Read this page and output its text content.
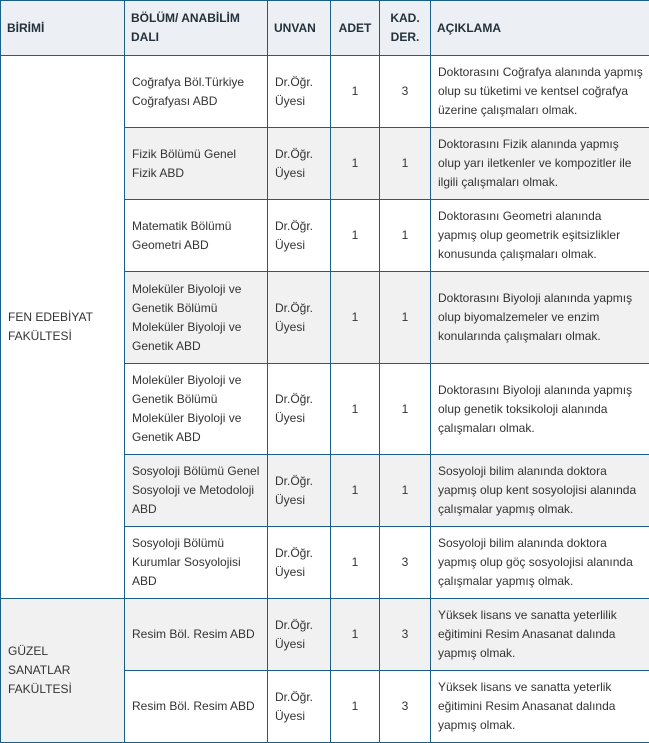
BİRİMİ	BÖLÜM/ ANABİLİM DALI	UNVAN	ADET	KAD. DER.	AÇIKLAMA
FEN EDEBİYAT FAKÜLTESİ	Coğrafya Böl.Türkiye Coğrafyası ABD	Dr.Öğr. Üyesi	1	3	Doktorasını Coğrafya alanında yapmış olup su tüketimi ve kentsel coğrafya üzerine çalışmaları olmak.
	Fizik Bölümü Genel Fizik ABD	Dr.Öğr. Üyesi	1	1	Doktorasını Fizik alanında yapmış olup yarı iletkenler ve kompozitler ile ilgili çalışmaları olmak.
	Matematik Bölümü Geometri ABD	Dr.Öğr. Üyesi	1	1	Doktorasını Geometri alanında yapmış olup geometrik eşitsizlikler konusunda çalışmaları olmak.
	Moleküler Biyoloji ve Genetik Bölümü Moleküler Biyoloji ve Genetik ABD	Dr.Öğr. Üyesi	1	1	Doktorasını Biyoloji alanında yapmış olup biyomalzemeler ve enzim konularında çalışmaları olmak.
	Moleküler Biyoloji ve Genetik Bölümü Moleküler Biyoloji ve Genetik ABD	Dr.Öğr. Üyesi	1	1	Doktorasını Biyoloji alanında yapmış olup genetik toksikoloji alanında çalışmaları olmak.
	Sosyoloji Bölümü Genel Sosyoloji ve Metodoloji ABD	Dr.Öğr. Üyesi	1	1	Sosyoloji bilim alanında doktora yapmış olup kent sosyolojisi alanında çalışmalar yapmış olmak.
	Sosyoloji Bölümü Kurumlar Sosyolojisi ABD	Dr.Öğr. Üyesi	1	3	Sosyoloji bilim alanında doktora yapmış olup göç sosyolojisi alanında çalışmalar yapmış olmak.
GÜZEL SANATLAR FAKÜLTESİ	Resim Böl. Resim ABD	Dr.Öğr. Üyesi	1	3	Yüksek lisans ve sanatta yeterlilik eğitimini Resim Anasanat dalında yapmış olmak.
	Resim Böl. Resim ABD	Dr.Öğr. Üyesi	1	3	Yüksek lisans ve sanatta yeterlik eğitimini Resim Anasanat dalında yapmış olmak.
